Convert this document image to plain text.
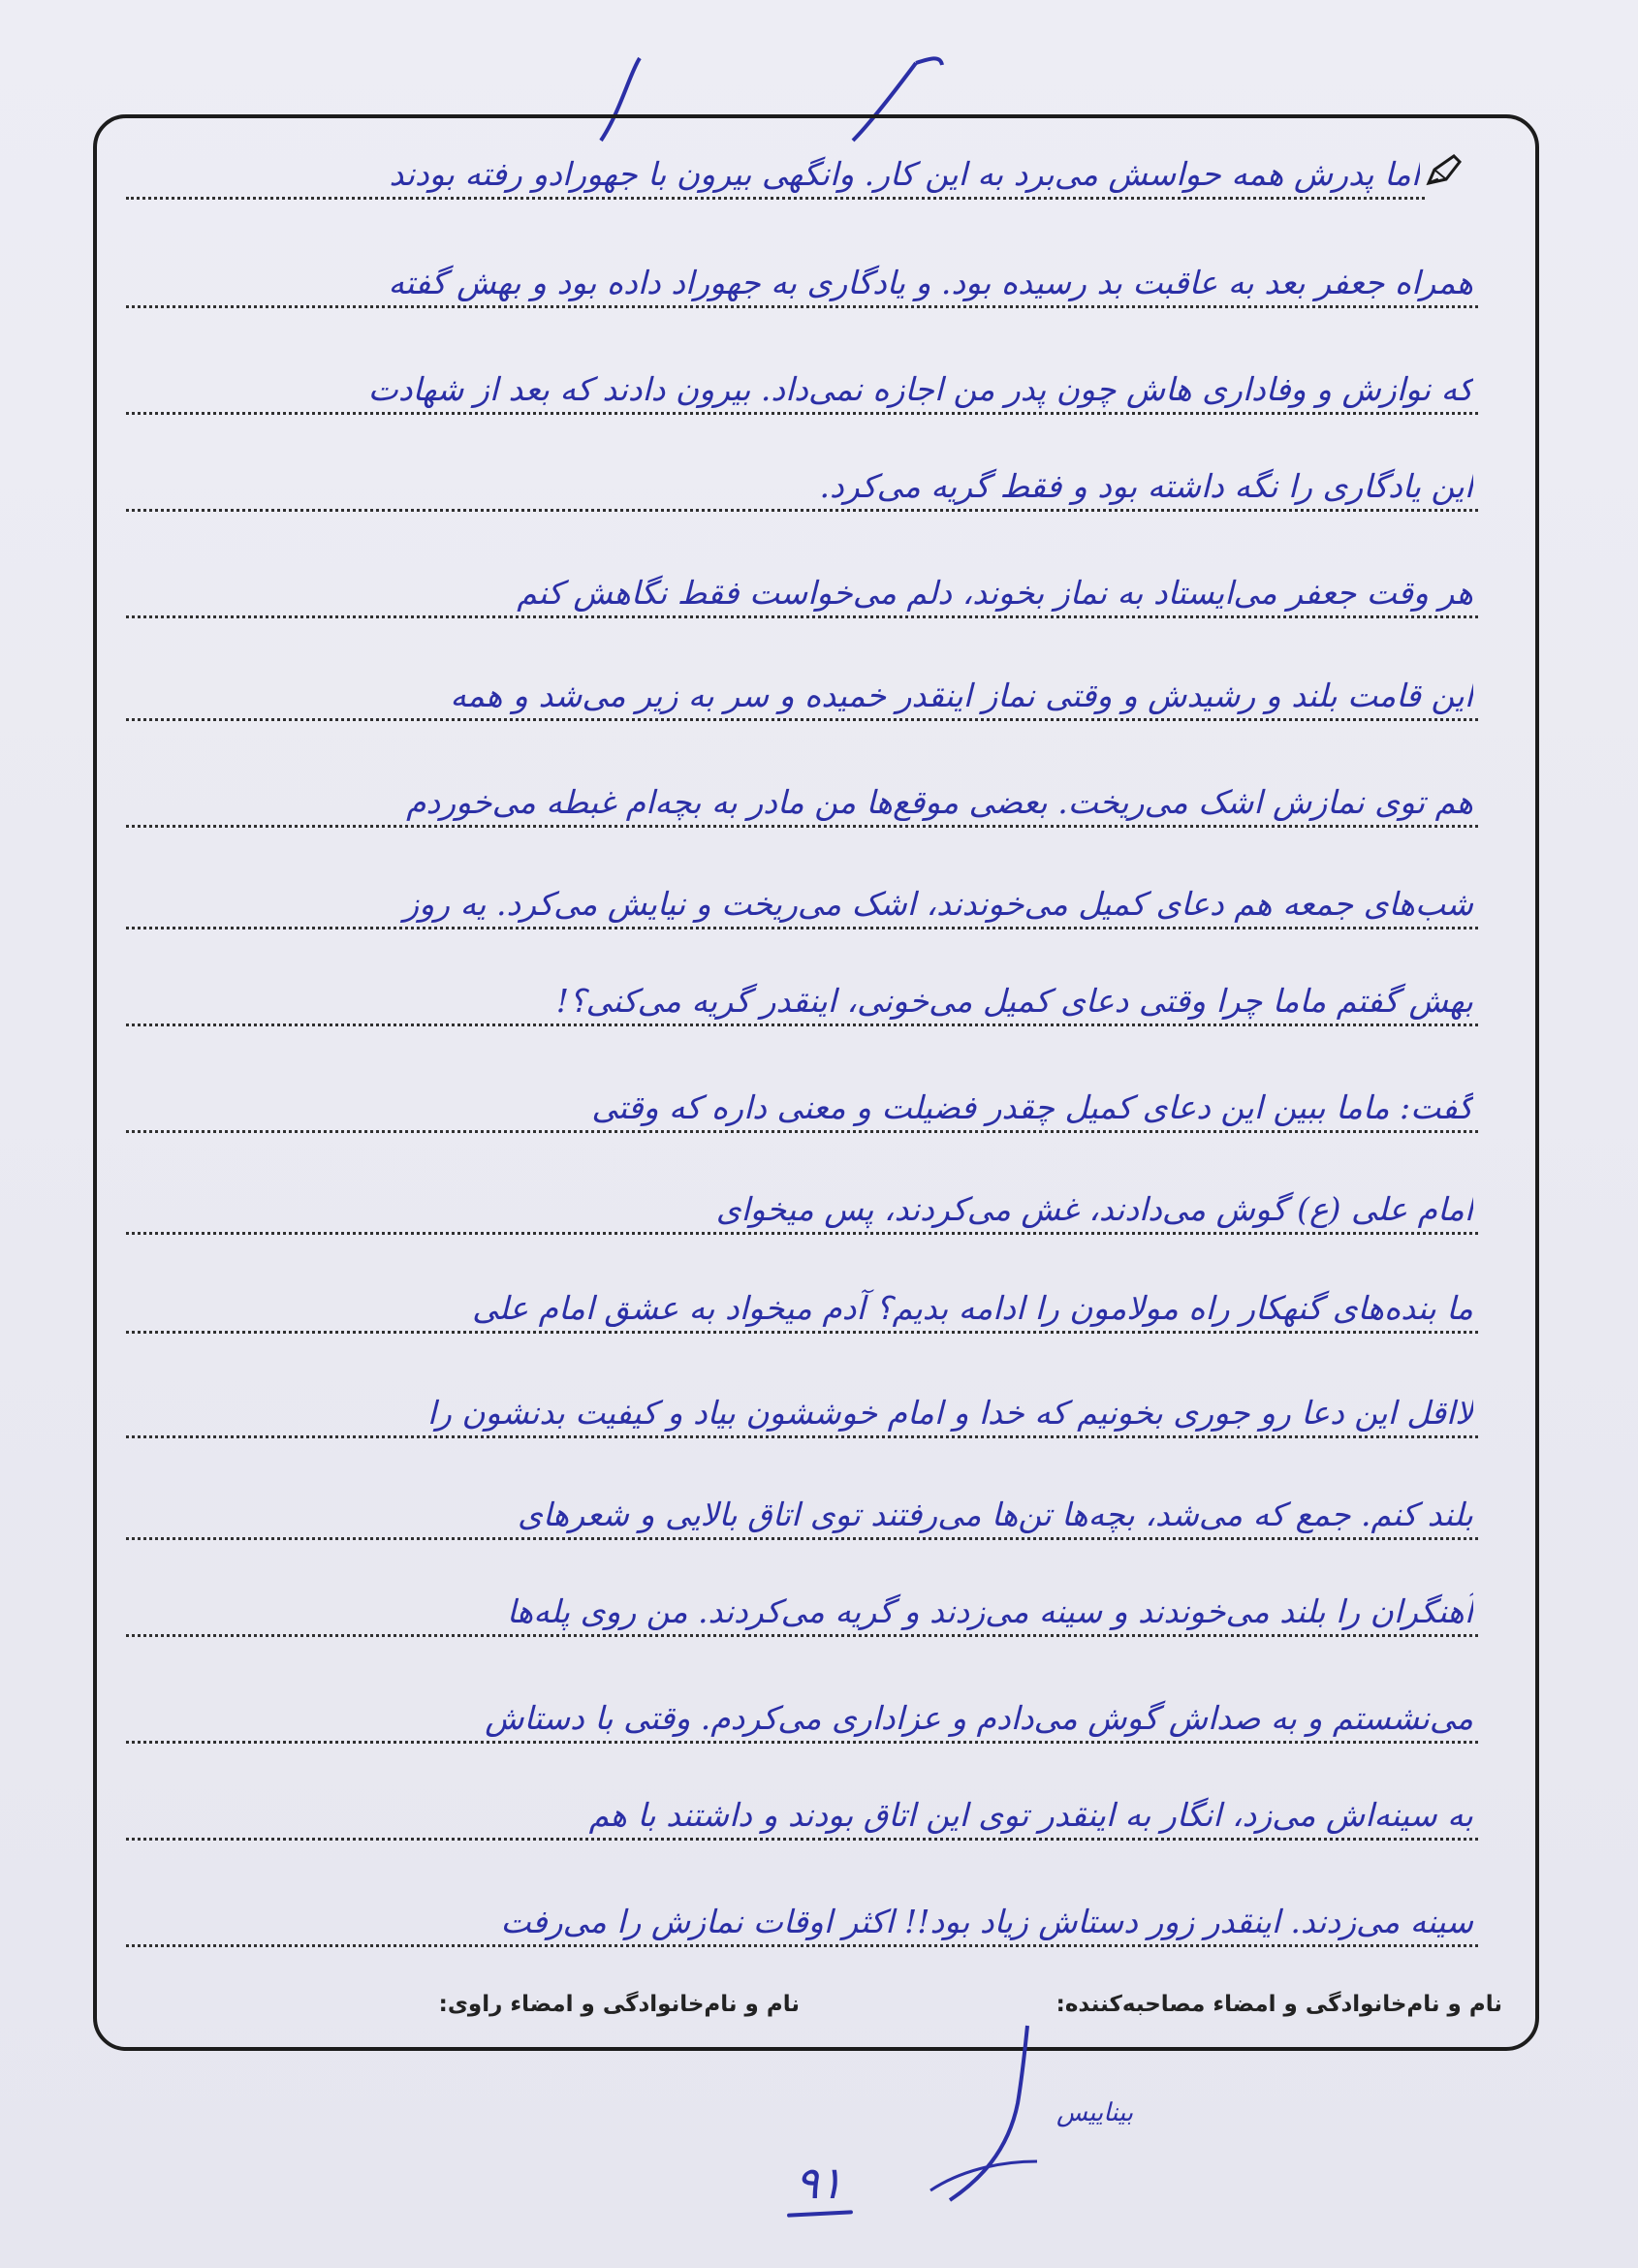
اما پدرش همه حواسش می‌برد به این کار. وانگهی بیرون با جهورادو رفته بودند
همراه جعفر بعد به عاقبت بد رسیده بود. و یادگاری به جهوراد داده بود و بهش گفته
که نوازش و وفاداری هاش چون پدر من اجازه نمی‌داد. بیرون دادند که بعد از شهادت
این یادگاری را نگه داشته بود و فقط گریه می‌کرد.
هر وقت جعفر می‌ایستاد به نماز بخوند، دلم می‌خواست فقط نگاهش کنم
این قامت بلند و رشیدش و وقتی نماز اینقدر خمیده و سر به زیر می‌شد و همه
هم توی نمازش اشک می‌ریخت. بعضی موقع‌ها من مادر به بچه‌ام غبطه می‌خوردم
شب‌های جمعه هم دعای کمیل می‌خوندند، اشک می‌ریخت و نیایش می‌کرد. یه روز
بهش گفتم ماما چرا وقتی دعای کمیل می‌خونی، اینقدر گریه می‌کنی؟!
گفت: ماما ببین این دعای کمیل چقدر فضیلت و معنی داره که وقتی
امام علی (ع) گوش می‌دادند، غش می‌کردند، پس میخوای
ما بنده‌های گنهکار راه مولامون را ادامه بدیم؟ آدم میخواد به عشق امام علی
لااقل این دعا رو جوری بخونیم که خدا و امام خوششون بیاد و کیفیت بدنشون را
بلند کنم. جمع که می‌شد، بچه‌ها تن‌ها می‌رفتند توی اتاق بالایی و شعرهای
آهنگران را بلند می‌خوندند و سینه می‌زدند و گریه می‌کردند. من روی پله‌ها
می‌نشستم و به صداش گوش می‌دادم و عزاداری می‌کردم. وقتی با دستاش
به سینه‌اش می‌زد، انگار به اینقدر توی این اتاق بودند و داشتند با هم
سینه می‌زدند. اینقدر زور دستاش زیاد بود!! اکثر اوقات نمازش را می‌رفت
نام و نام‌خانوادگی و امضاء مصاحبه‌کننده:
نام و نام‌خانوادگی و امضاء راوی:
بیناییس
۹۱
